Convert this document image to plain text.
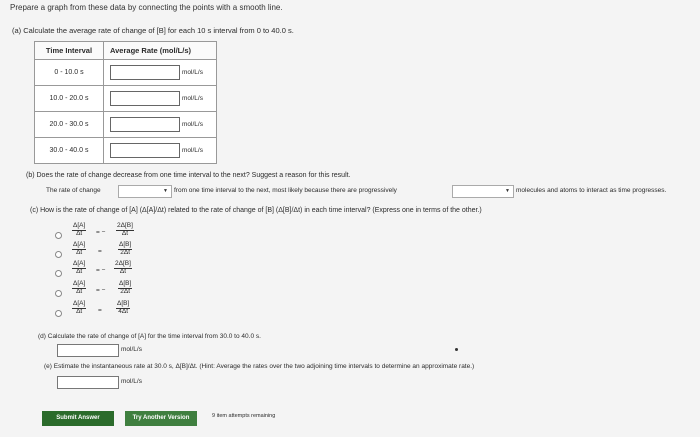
Prepare a graph from these data by connecting the points with a smooth line.
(a) Calculate the average rate of change of [B] for each 10 s interval from 0 to 40.0 s.
Time Interval	Average Rate (mol/L/s)
0 - 10.0 s	mol/L/s
10.0 - 20.0 s	mol/L/s
20.0 - 30.0 s	mol/L/s
30.0 - 40.0 s	mol/L/s
(b) Does the rate of change decrease from one time interval to the next? Suggest a reason for this result.
The rate of change	▼ from one time interval to the next, most likely because there are progressively	▼ molecules and atoms to interact as time progresses.
(c) How is the rate of change of [A] (Δ[A]/Δt) related to the rate of change of [B] (Δ[B]/Δt) in each time interval? (Express one in terms of the other.)
$\frac{\Delta[A]}{\Delta t}$ = − $\frac{2\Delta[B]}{\Delta t}$
$\frac{\Delta[A]}{\Delta t} = \frac{\Delta[B]}{2\Delta t}$
$\frac{\Delta[A]}{\Delta t}$ = − $\frac{2\Delta[B]}{\Delta t}$
$\frac{\Delta[A]}{\Delta t}$ = − $\frac{\Delta[B]}{2\Delta t}$
$\frac{\Delta[A]}{\Delta t} = \frac{\Delta[B]}{4\Delta t}$
(d) Calculate the rate of change of [A] for the time interval from 30.0 to 40.0 s.
mol/L/s
(e) Estimate the instantaneous rate at 30.0 s, Δ[B]/Δt. (Hint: Average the rates over the two adjoining time intervals to determine an approximate rate.)
mol/L/s
Submit Answer	Try Another Version	9 item attempts remaining
